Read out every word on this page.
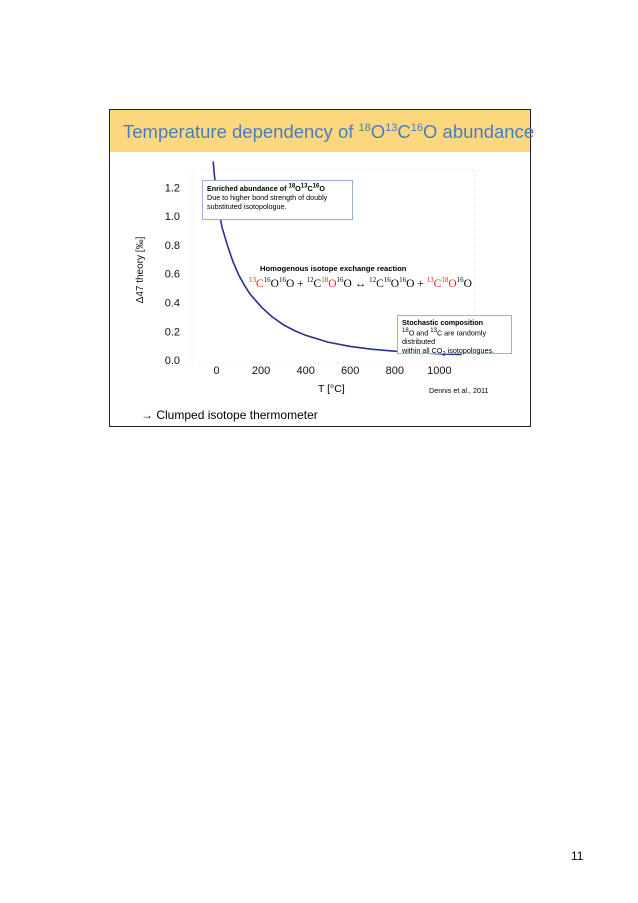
Temperature dependency of $^{18}O^{13}C^{16}O$ abundance
0.0
0.2
0.4
0.6
0.8
1.0
1.2
0	200 400 600 800 1000
Δ47 theory [‰]
Enriched abundance of $^{18}O^{13}C^{16}O$
Due to higher bond strength of doubly
substituted isotopologue.
Homogenous isotope exchange reaction
$^{13}C^{16}O^{16}O + ^{12}C^{18}O^{16}O$ ↔ $^{12}C^{16}O^{16}O + ^{13}C^{18}O^{16}O$
Stochastic composition
$^{18}$O and $^{13}$C are randomly distributed
within all $CO_2$ isotopologues.
T [°C]	Dennis et al., 2011
→ Clumped isotope thermometer
11
